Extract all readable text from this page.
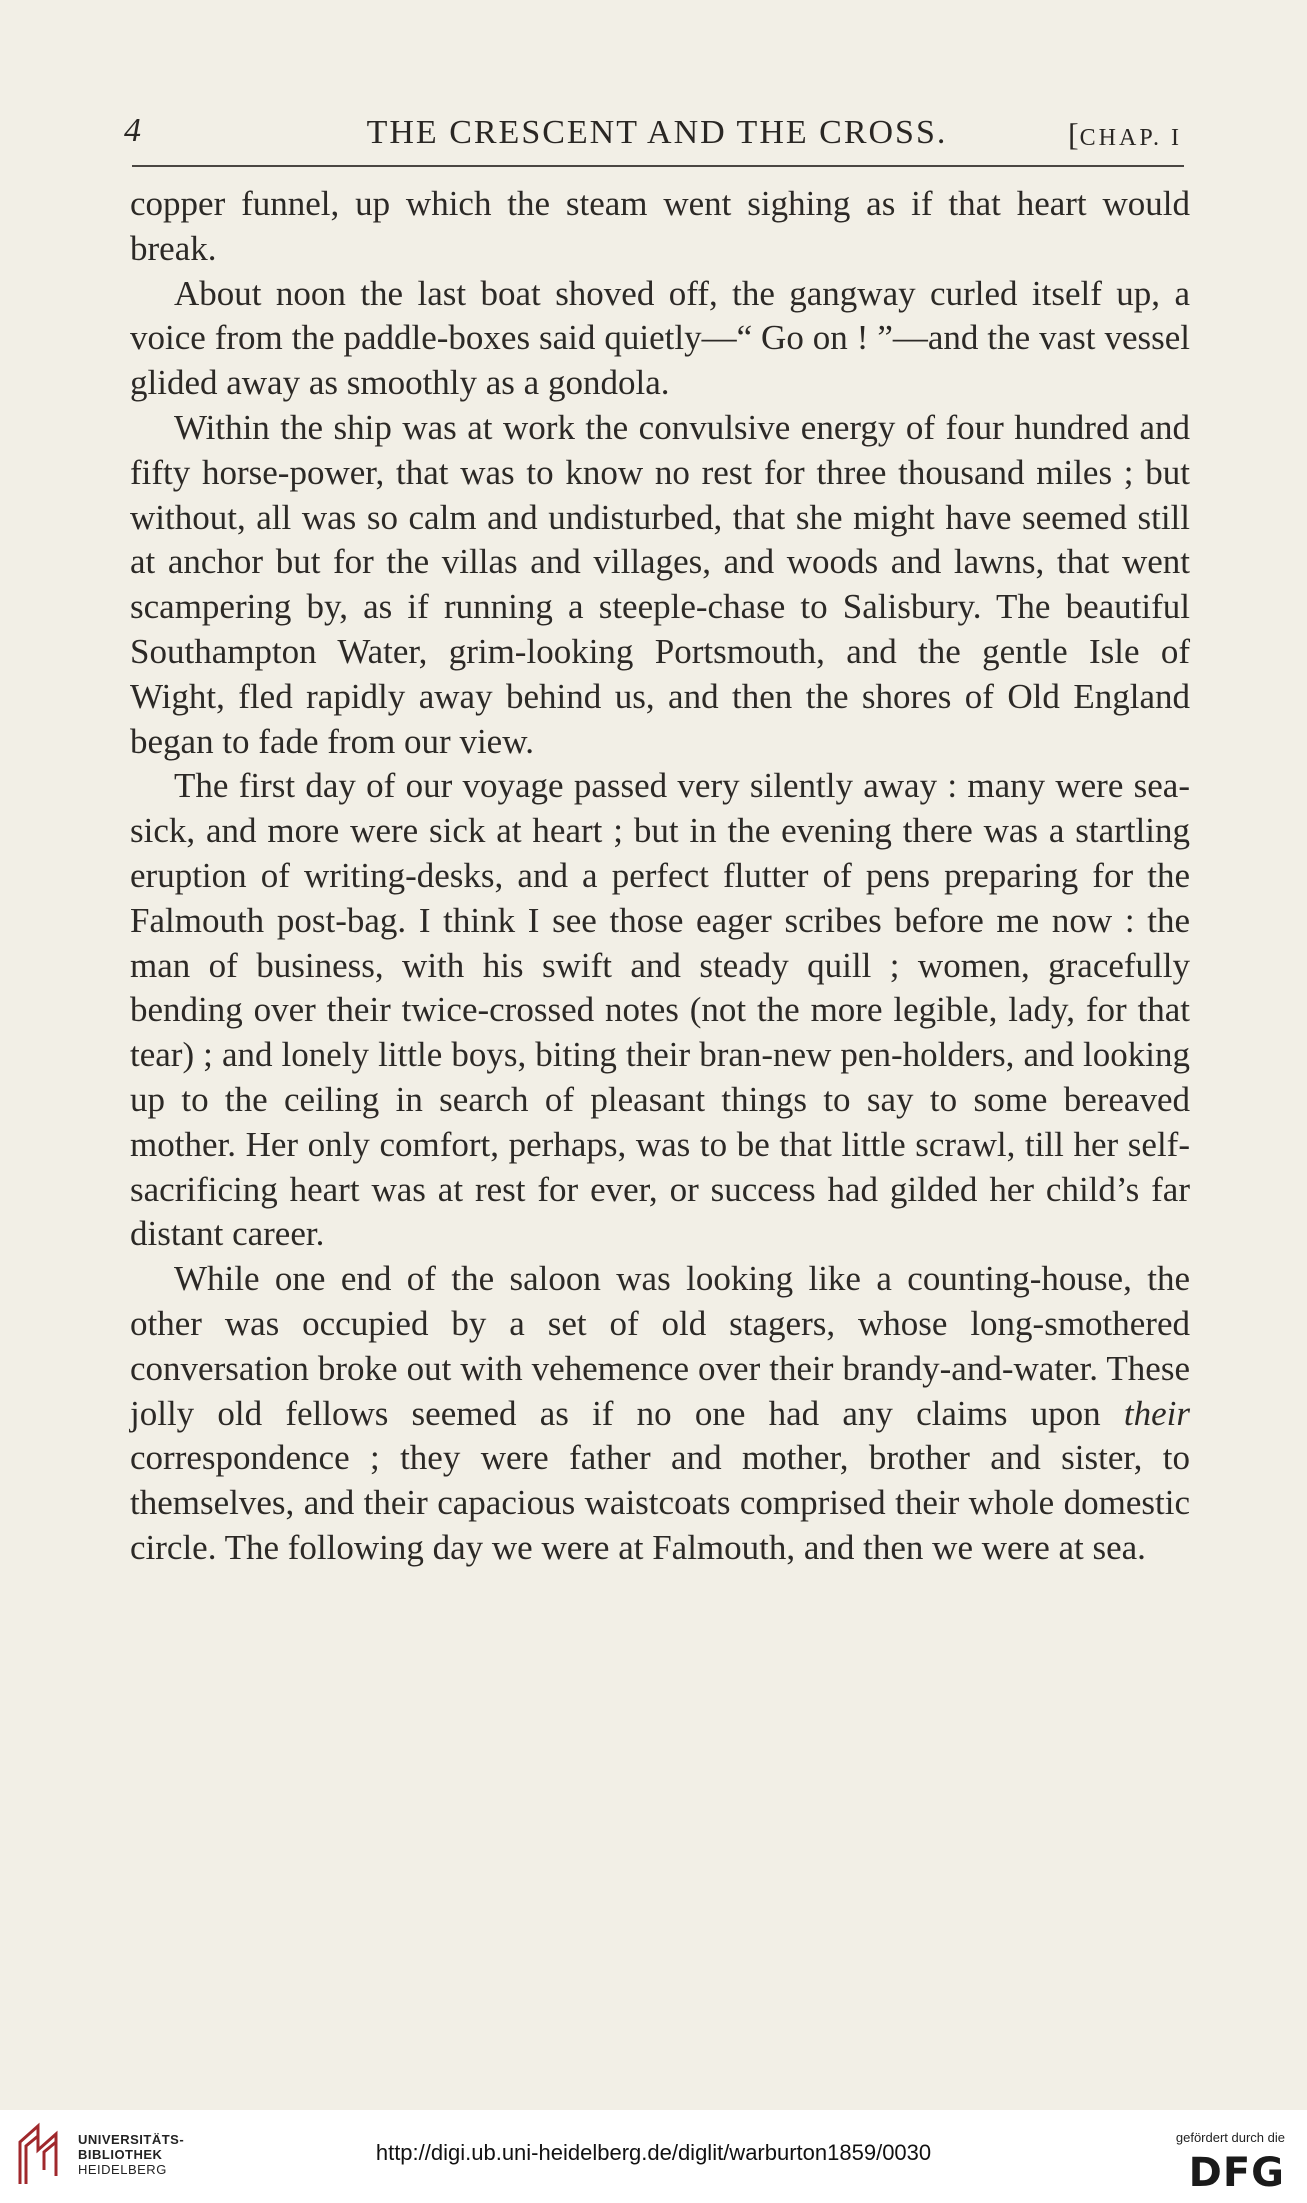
4	THE CRESCENT AND THE CROSS.	[CHAP. I

copper funnel, up which the steam went sighing as if that heart would break.

About noon the last boat shoved off, the gangway curled itself up, a voice from the paddle-boxes said quietly—“ Go on ! ”—and the vast vessel glided away as smoothly as a gondola.

Within the ship was at work the convulsive energy of four hundred and fifty horse-power, that was to know no rest for three thousand miles ; but without, all was so calm and undisturbed, that she might have seemed still at anchor but for the villas and villages, and woods and lawns, that went scampering by, as if running a steeple-chase to Salisbury. The beautiful Southampton Water, grim-looking Portsmouth, and the gentle Isle of Wight, fled rapidly away behind us, and then the shores of Old England began to fade from our view.

The first day of our voyage passed very silently away : many were sea-sick, and more were sick at heart ; but in the evening there was a startling eruption of writing-desks, and a perfect flutter of pens preparing for the Falmouth post-bag. I think I see those eager scribes before me now : the man of business, with his swift and steady quill ; women, gracefully bending over their twice-crossed notes (not the more legible, lady, for that tear) ; and lonely little boys, biting their bran-new pen-holders, and looking up to the ceiling in search of pleasant things to say to some bereaved mother. Her only comfort, perhaps, was to be that little scrawl, till her self-sacrificing heart was at rest for ever, or success had gilded her child’s far distant career.

While one end of the saloon was looking like a counting-house, the other was occupied by a set of old stagers, whose long-smothered conversation broke out with vehemence over their brandy-and-water. These jolly old fellows seemed as if no one had any claims upon their correspondence ; they were father and mother, brother and sister, to themselves, and their capacious waistcoats comprised their whole domestic circle. The following day we were at Falmouth, and then we were at sea.

UNIVERSITÄTS-
BIBLIOTHEK
HEIDELBERG
http://digi.ub.uni-heidelberg.de/diglit/warburton1859/0030
gefördert durch die
DFG
